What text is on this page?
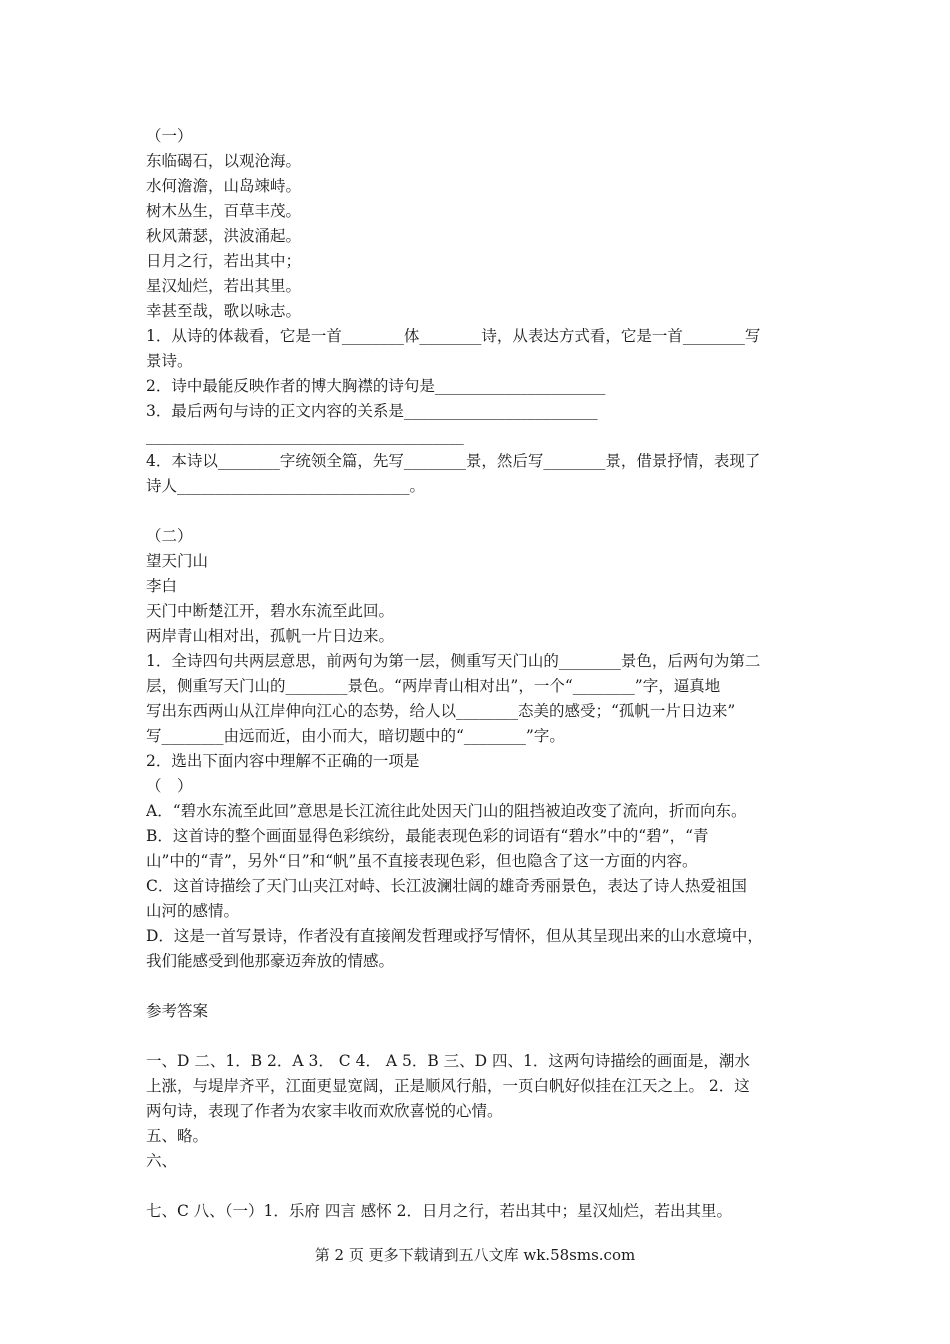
（一）
东临碣石，以观沧海。
水何澹澹，山岛竦峙。
树木丛生，百草丰茂。
秋风萧瑟，洪波涌起。
日月之行，若出其中；
星汉灿烂，若出其里。
幸甚至哉，歌以咏志。
1．从诗的体裁看，它是一首________体________诗，从表达方式看，它是一首________写
景诗。
2．诗中最能反映作者的博大胸襟的诗句是______________________
3．最后两句与诗的正文内容的关系是_________________________
_________________________________________
4．本诗以________字统领全篇，先写________景，然后写________景，借景抒情，表现了
诗人______________________________。
（二）
望天门山
李白
天门中断楚江开，碧水东流至此回。
两岸青山相对出，孤帆一片日边来。
1．全诗四句共两层意思，前两句为第一层，侧重写天门山的________景色，后两句为第二
层，侧重写天门山的________景色。“两岸青山相对出”，一个“________”字，逼真地
写出东西两山从江岸伸向江心的态势，给人以________态美的感受；“孤帆一片日边来”
写________由远而近，由小而大，暗切题中的“________”字。
2．选出下面内容中理解不正确的一项是
（　）
A．“碧水东流至此回”意思是长江流往此处因天门山的阻挡被迫改变了流向，折而向东。
B．这首诗的整个画面显得色彩缤纷，最能表现色彩的词语有“碧水”中的“碧”，“青
山”中的“青”，另外“日”和“帆”虽不直接表现色彩，但也隐含了这一方面的内容。
C．这首诗描绘了天门山夹江对峙、长江波澜壮阔的雄奇秀丽景色，表达了诗人热爱祖国
山河的感情。
D．这是一首写景诗，作者没有直接阐发哲理或抒写情怀，但从其呈现出来的山水意境中，
我们能感受到他那豪迈奔放的情感。
参考答案
一、D 二、1．B 2．A 3． C 4． A 5．B 三、D 四、1．这两句诗描绘的画面是，潮水
上涨，与堤岸齐平，江面更显宽阔，正是顺风行船，一页白帆好似挂在江天之上。 2．这
两句诗，表现了作者为农家丰收而欢欣喜悦的心情。
五、略。
六、
七、C 八、（一）1．乐府 四言 感怀 2．日月之行，若出其中；星汉灿烂，若出其里。
第 2 页 更多下载请到五八文库 wk.58sms.com
